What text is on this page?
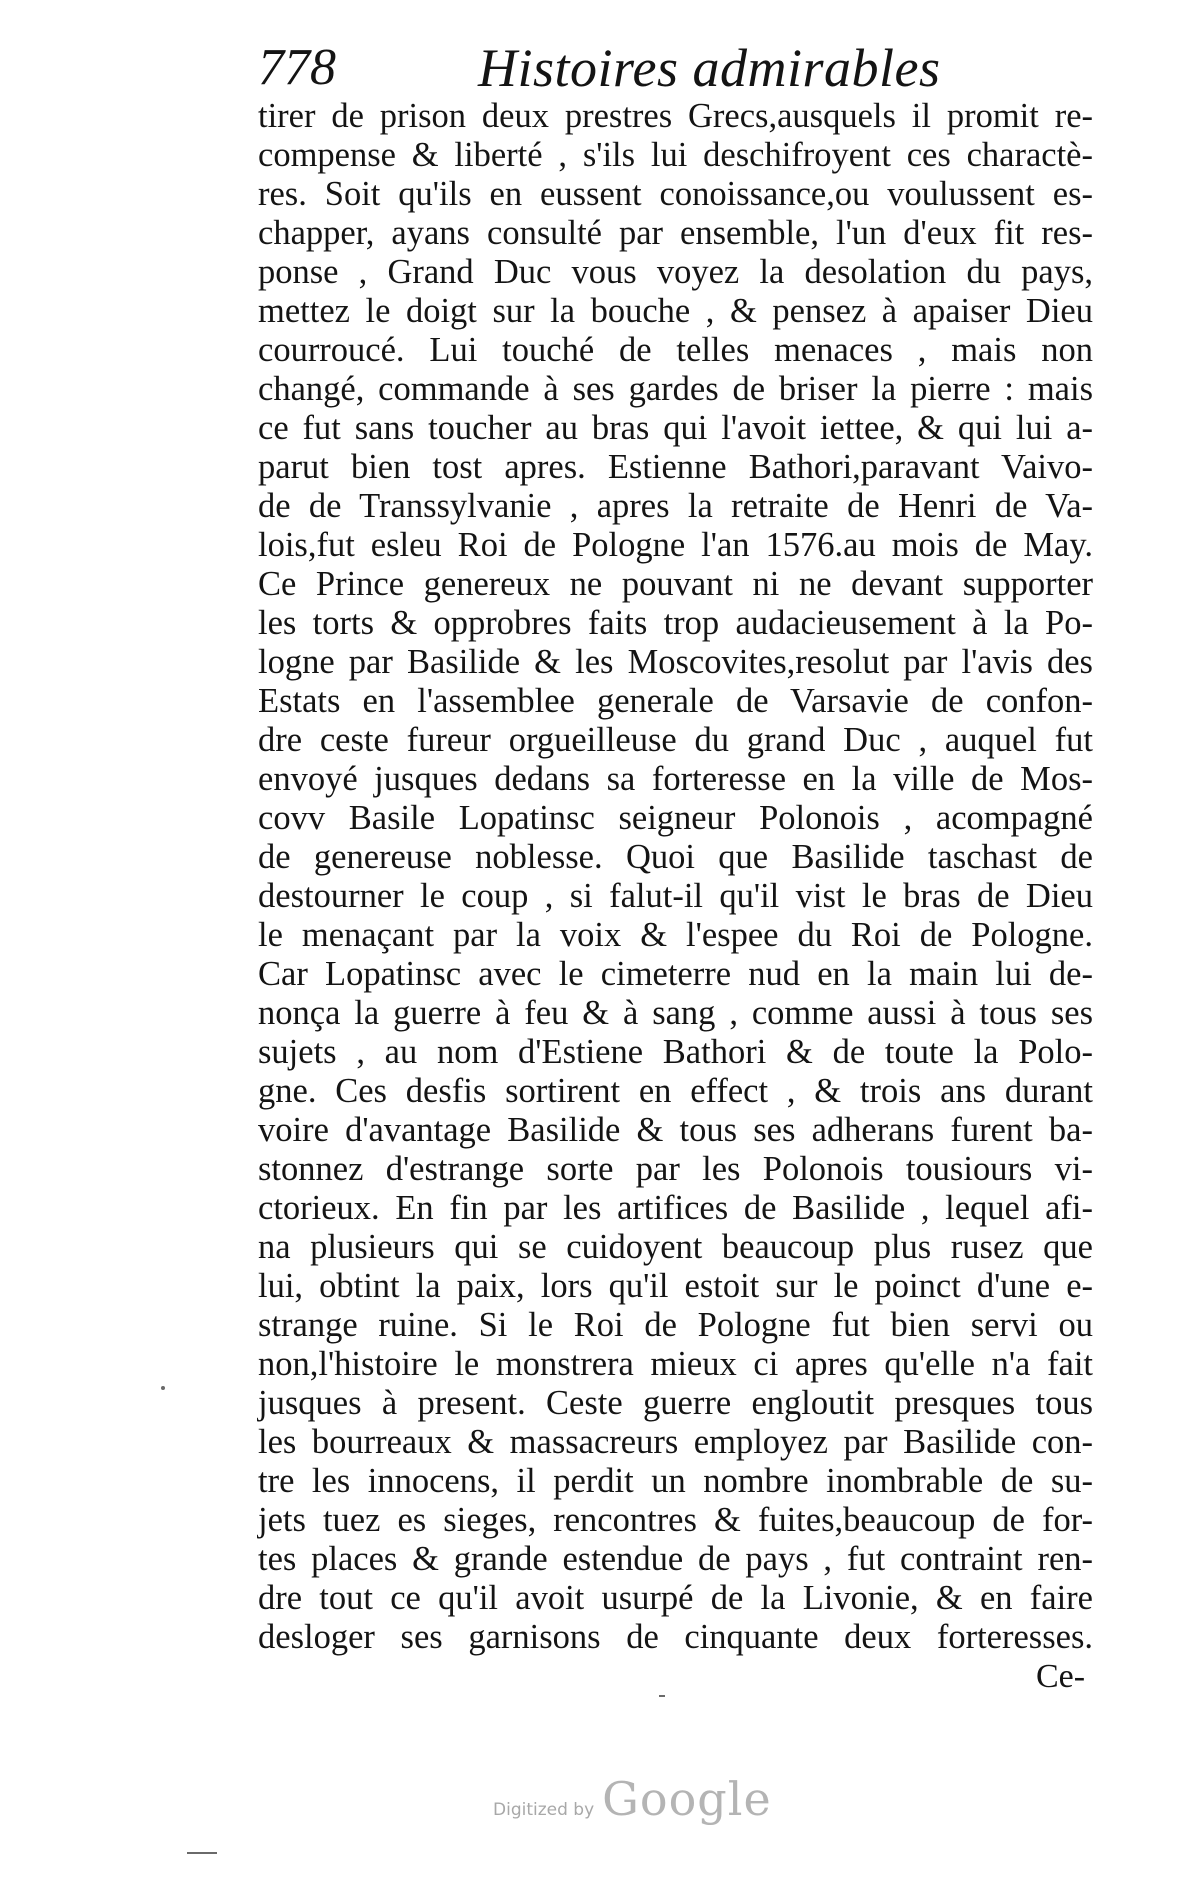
778	Histoires admirables
tirer de prison deux prestres Grecs,ausquels il promit re-
compense & liberté , s'ils lui deschifroyent ces charactè-
res. Soit qu'ils en eussent conoissance,ou voulussent es-
chapper, ayans consulté par ensemble, l'un d'eux fit res-
ponse , Grand Duc vous voyez la desolation du pays,
mettez le doigt sur la bouche , & pensez à apaiser Dieu
courroucé. Lui touché de telles menaces , mais non
changé, commande à ses gardes de briser la pierre : mais
ce fut sans toucher au bras qui l'avoit iettee, & qui lui a-
parut bien tost apres. Estienne Bathori,paravant Vaivo-
de de Transsylvanie , apres la retraite de Henri de Va-
lois,fut esleu Roi de Pologne l'an 1576.au mois de May.
Ce Prince genereux ne pouvant ni ne devant supporter
les torts & opprobres faits trop audacieusement à la Po-
logne par Basilide & les Moscovites,resolut par l'avis des
Estats en l'assemblee generale de Varsavie de confon-
dre ceste fureur orgueilleuse du grand Duc , auquel fut
envoyé jusques dedans sa forteresse en la ville de Mos-
covv Basile Lopatinsc seigneur Polonois , acompagné
de genereuse noblesse. Quoi que Basilide taschast de
destourner le coup , si falut-il qu'il vist le bras de Dieu
le menaçant par la voix & l'espee du Roi de Pologne.
Car Lopatinsc avec le cimeterre nud en la main lui de-
nonça la guerre à feu & à sang , comme aussi à tous ses
sujets , au nom d'Estiene Bathori & de toute la Polo-
gne. Ces desfis sortirent en effect , & trois ans durant
voire d'avantage Basilide & tous ses adherans furent ba-
stonnez d'estrange sorte par les Polonois tousiours vi-
ctorieux. En fin par les artifices de Basilide , lequel afi-
na plusieurs qui se cuidoyent beaucoup plus rusez que
lui, obtint la paix, lors qu'il estoit sur le poinct d'une e-
strange ruine. Si le Roi de Pologne fut bien servi ou
non,l'histoire le monstrera mieux ci apres qu'elle n'a fait
jusques à present. Ceste guerre engloutit presques tous
les bourreaux & massacreurs employez par Basilide con-
tre les innocens, il perdit un nombre inombrable de su-
jets tuez es sieges, rencontres & fuites,beaucoup de for-
tes places & grande estendue de pays , fut contraint ren-
dre tout ce qu'il avoit usurpé de la Livonie, & en faire
desloger ses garnisons de cinquante deux forteresses.
Ce-
Digitized by Google
